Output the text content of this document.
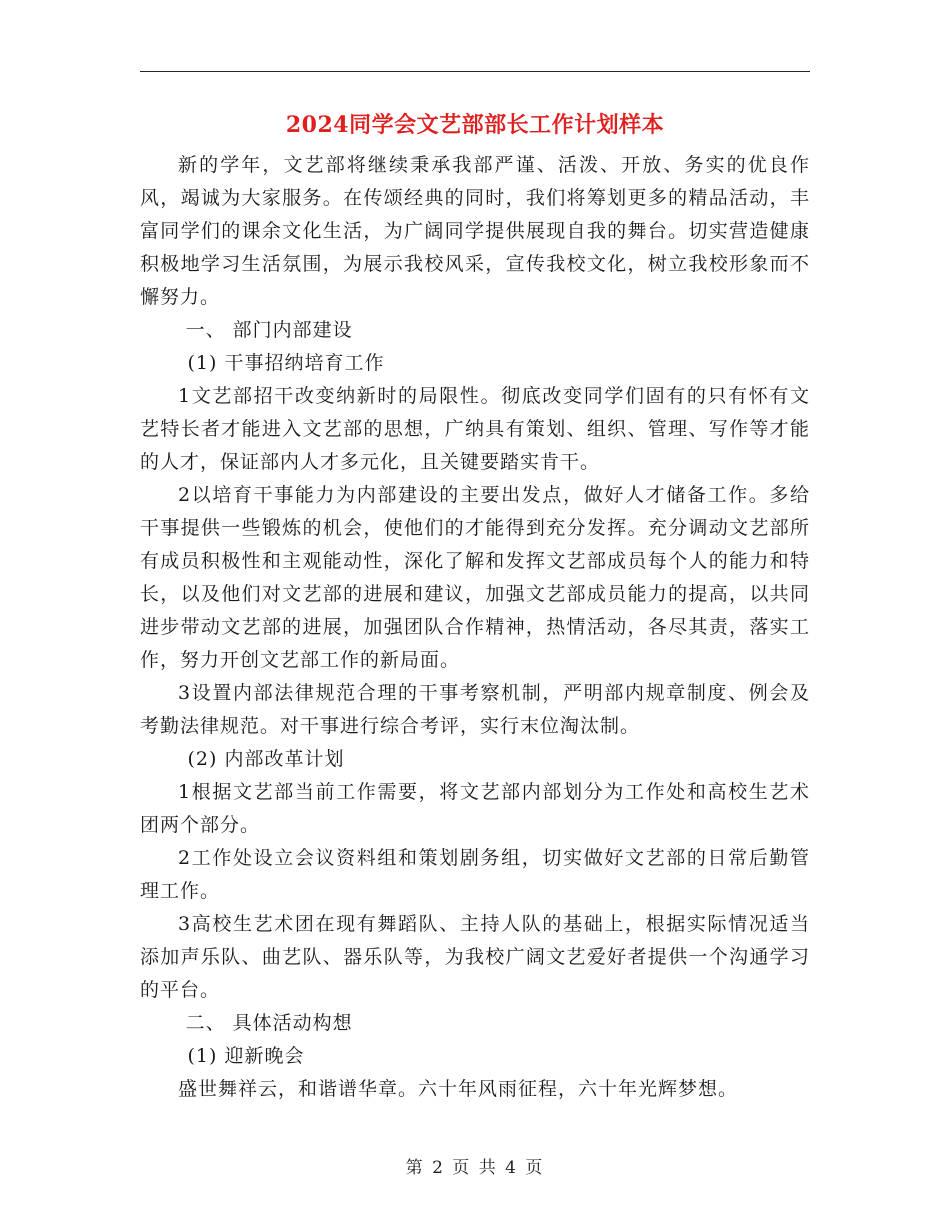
2024同学会文艺部部长工作计划样本

新的学年，文艺部将继续秉承我部严谨、活泼、开放、务实的优良作风，竭诚为大家服务。在传颂经典的同时，我们将筹划更多的精品活动，丰富同学们的课余文化生活，为广阔同学提供展现自我的舞台。切实营造健康积极地学习生活氛围，为展示我校风采，宣传我校文化，树立我校形象而不懈努力。

一、 部门内部建设

(1) 干事招纳培育工作

1文艺部招干改变纳新时的局限性。彻底改变同学们固有的只有怀有文艺特长者才能进入文艺部的思想，广纳具有策划、组织、管理、写作等才能的人才，保证部内人才多元化，且关键要踏实肯干。

2以培育干事能力为内部建设的主要出发点，做好人才储备工作。多给干事提供一些锻炼的机会，使他们的才能得到充分发挥。充分调动文艺部所有成员积极性和主观能动性，深化了解和发挥文艺部成员每个人的能力和特长，以及他们对文艺部的进展和建议，加强文艺部成员能力的提高，以共同进步带动文艺部的进展，加强团队合作精神，热情活动，各尽其责，落实工作，努力开创文艺部工作的新局面。

3设置内部法律规范合理的干事考察机制，严明部内规章制度、例会及考勤法律规范。对干事进行综合考评，实行末位淘汰制。

(2) 内部改革计划

1根据文艺部当前工作需要，将文艺部内部划分为工作处和高校生艺术团两个部分。

2工作处设立会议资料组和策划剧务组，切实做好文艺部的日常后勤管理工作。

3高校生艺术团在现有舞蹈队、主持人队的基础上，根据实际情况适当添加声乐队、曲艺队、器乐队等，为我校广阔文艺爱好者提供一个沟通学习的平台。

二、 具体活动构想

(1) 迎新晚会

盛世舞祥云，和谐谱华章。六十年风雨征程，六十年光辉梦想。

第 2 页 共 4 页
